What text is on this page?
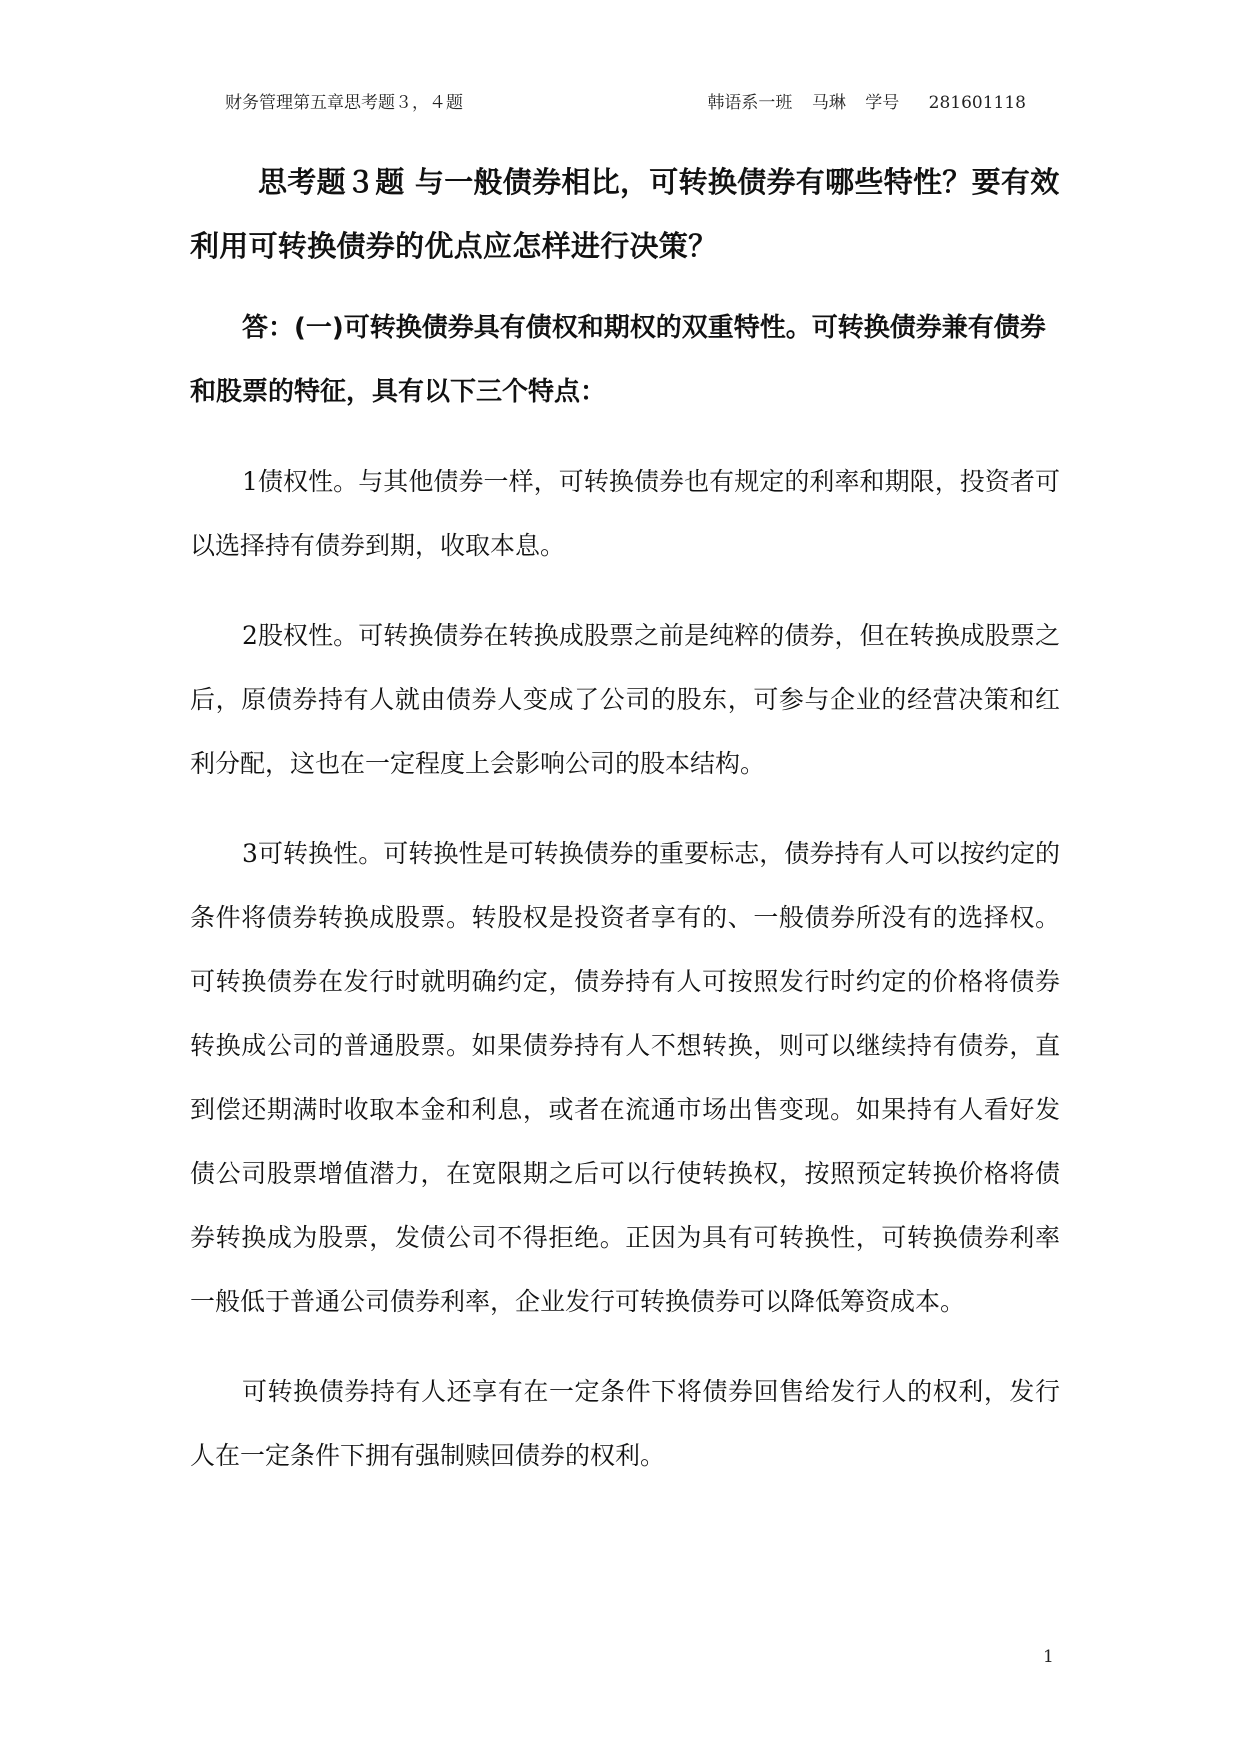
财务管理第五章思考题３，４题	韩语系一班 马琳 学号 281601118

思考题３题 与一般债券相比，可转换债券有哪些特性？要有效利用可转换债券的优点应怎样进行决策？

答：(一)可转换债券具有债权和期权的双重特性。可转换债券兼有债券和股票的特征，具有以下三个特点：

1债权性。与其他债券一样，可转换债券也有规定的利率和期限，投资者可以选择持有债券到期，收取本息。

2股权性。可转换债券在转换成股票之前是纯粹的债券，但在转换成股票之后，原债券持有人就由债券人变成了公司的股东，可参与企业的经营决策和红利分配，这也在一定程度上会影响公司的股本结构。

3可转换性。可转换性是可转换债券的重要标志，债券持有人可以按约定的条件将债券转换成股票。转股权是投资者享有的、一般债券所没有的选择权。可转换债券在发行时就明确约定，债券持有人可按照发行时约定的价格将债券转换成公司的普通股票。如果债券持有人不想转换，则可以继续持有债券，直到偿还期满时收取本金和利息，或者在流通市场出售变现。如果持有人看好发债公司股票增值潜力，在宽限期之后可以行使转换权，按照预定转换价格将债券转换成为股票，发债公司不得拒绝。正因为具有可转换性，可转换债券利率一般低于普通公司债券利率，企业发行可转换债券可以降低筹资成本。

可转换债券持有人还享有在一定条件下将债券回售给发行人的权利，发行人在一定条件下拥有强制赎回债券的权利。

1
